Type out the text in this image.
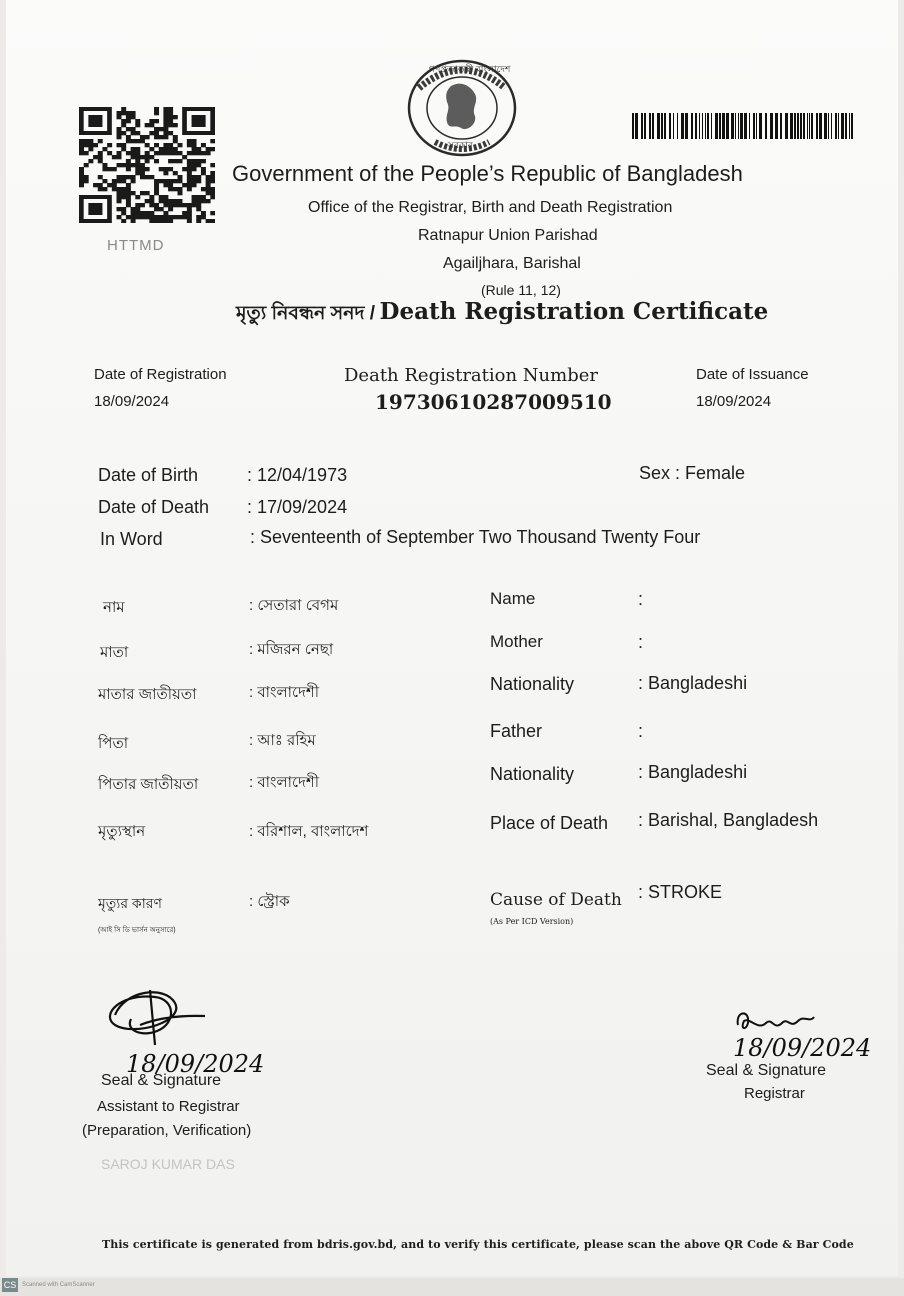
HTTMD
গণপ্রজাতন্ত্রী বাংলাদেশ
সরকার
Government of the People’s Republic of Bangladesh
Office of the Registrar, Birth and Death Registration
Ratnapur Union Parishad
Agailjhara, Barishal
(Rule 11, 12)
মৃত্যু নিবন্ধন সনদ / Death Registration Certificate
Date of Registration
18/09/2024
Death Registration Number
19730610287009510
Date of Issuance
18/09/2024
Date of Birth	: 12/04/1973	Sex : Female
Date of Death : 17/09/2024
In Word	: Seventeenth of September Two Thousand Twenty Four
নাম	: সেতারা বেগম
মাতা	: মজিরন নেছা
মাতার জাতীয়তা	: বাংলাদেশী
পিতা	: আঃ রহিম
পিতার জাতীয়তা	: বাংলাদেশী
মৃত্যুস্থান	: বরিশাল, বাংলাদেশ
মৃত্যুর কারণ
(আই সি ডি ভার্সন অনুসারে)
: স্ট্রোক
Name	:
Mother	:
Nationality	: Bangladeshi
Father	:
Nationality	: Bangladeshi
Place of Death : Barishal, Bangladesh
Cause of Death
(As Per ICD Version)
: STROKE
18/09/2024
Seal & Signature
Assistant to Registrar
(Preparation, Verification)
SAROJ KUMAR DAS
18/09/2024
Seal & Signature
Registrar
This certificate is generated from bdris.gov.bd, and to verify this certificate, please scan the above QR Code & Bar Code
CS Scanned with CamScanner
